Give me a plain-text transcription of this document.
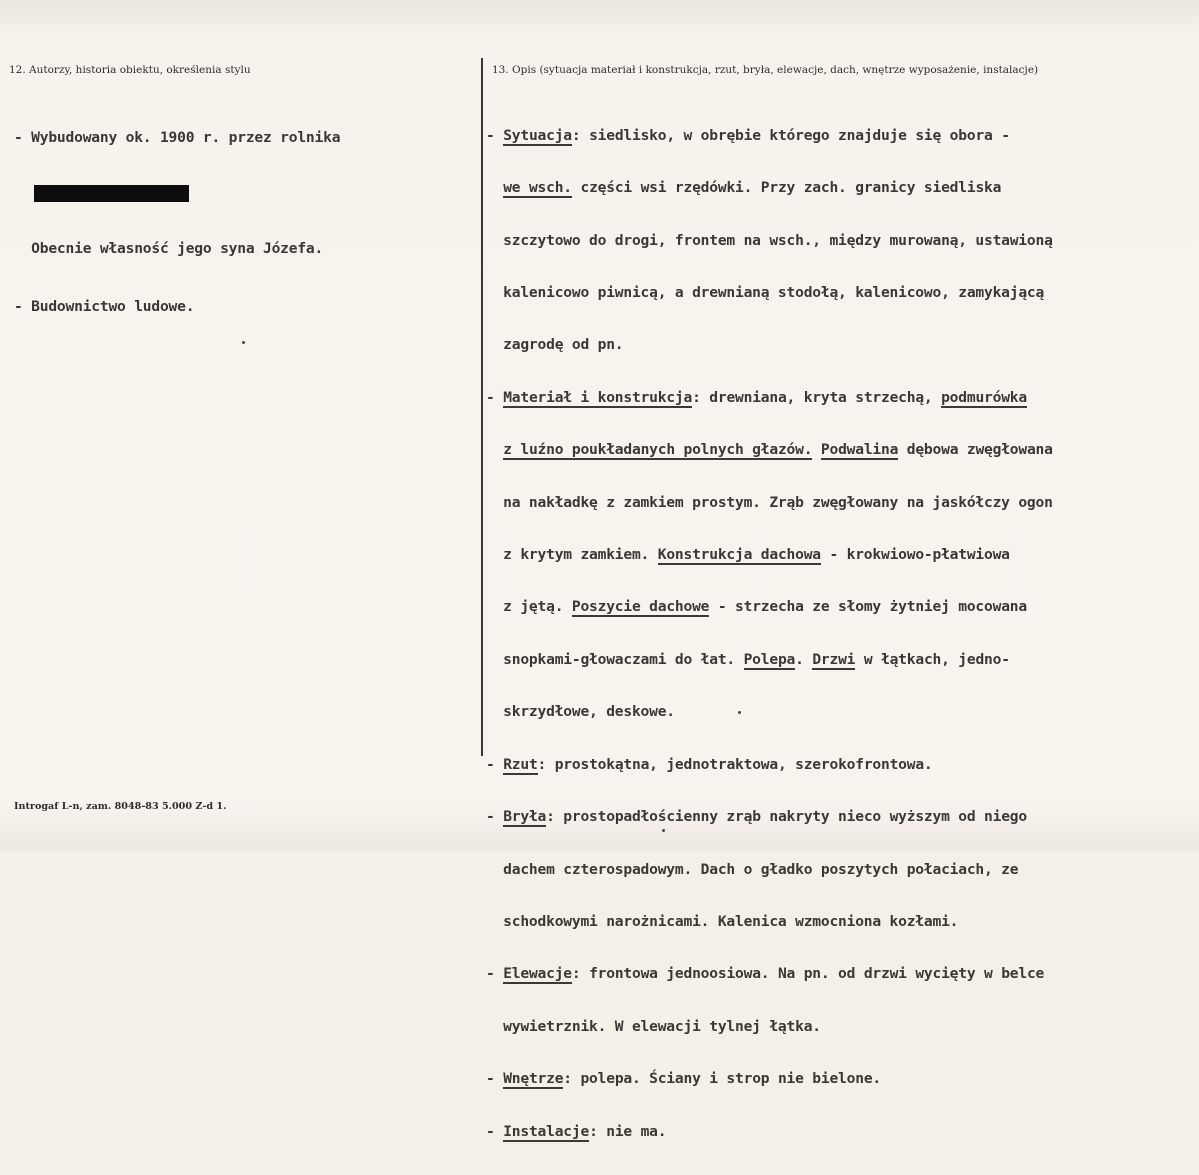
12. Autorzy, historia obiektu, określenia stylu	13. Opis (sytuacja materiał i konstrukcja, rzut, bryła, elewacje, dach, wnętrze wyposażenie, instalacje)

- Wybudowany ok. 1900 r. przez rolnika

Obecnie własność jego syna Józefa.

- Budownictwo ludowe.

- Sytuacja: siedlisko, w obrębie którego znajduje się obora -

we wsch. części wsi rzędówki. Przy zach. granicy siedliska

szczytowo do drogi, frontem na wsch., między murowaną, ustawioną

kalenicowo piwnicą, a drewnianą stodołą, kalenicowo, zamykającą

zagrodę od pn.

- Materiał i konstrukcja: drewniana, kryta strzechą, podmurówka

z luźno poukładanych polnych głazów. Podwalina dębowa zwęgłowana

na nakładkę z zamkiem prostym. Zrąb zwęgłowany na jaskółczy ogon

z krytym zamkiem. Konstrukcja dachowa - krokwiowo-płatwiowa

z jętą. Poszycie dachowe - strzecha ze słomy żytniej mocowana

snopkami-głowaczami do łat. Polepa. Drzwi w łątkach, jedno-

skrzydłowe, deskowe.

- Rzut: prostokątna, jednotraktowa, szerokofrontowa.

- Bryła: prostopadłościenny zrąb nakryty nieco wyższym od niego

dachem czterospadowym. Dach o gładko poszytych połaciach, ze

schodkowymi narożnicami. Kalenica wzmocniona kozłami.

- Elewacje: frontowa jednoosiowa. Na pn. od drzwi wycięty w belce

wywietrznik. W elewacji tylnej łątka.

- Wnętrze: polepa. Ściany i strop nie bielone.

- Instalacje: nie ma.

Introgaf L-n, zam. 8048-83 5.000 Z-d 1.
